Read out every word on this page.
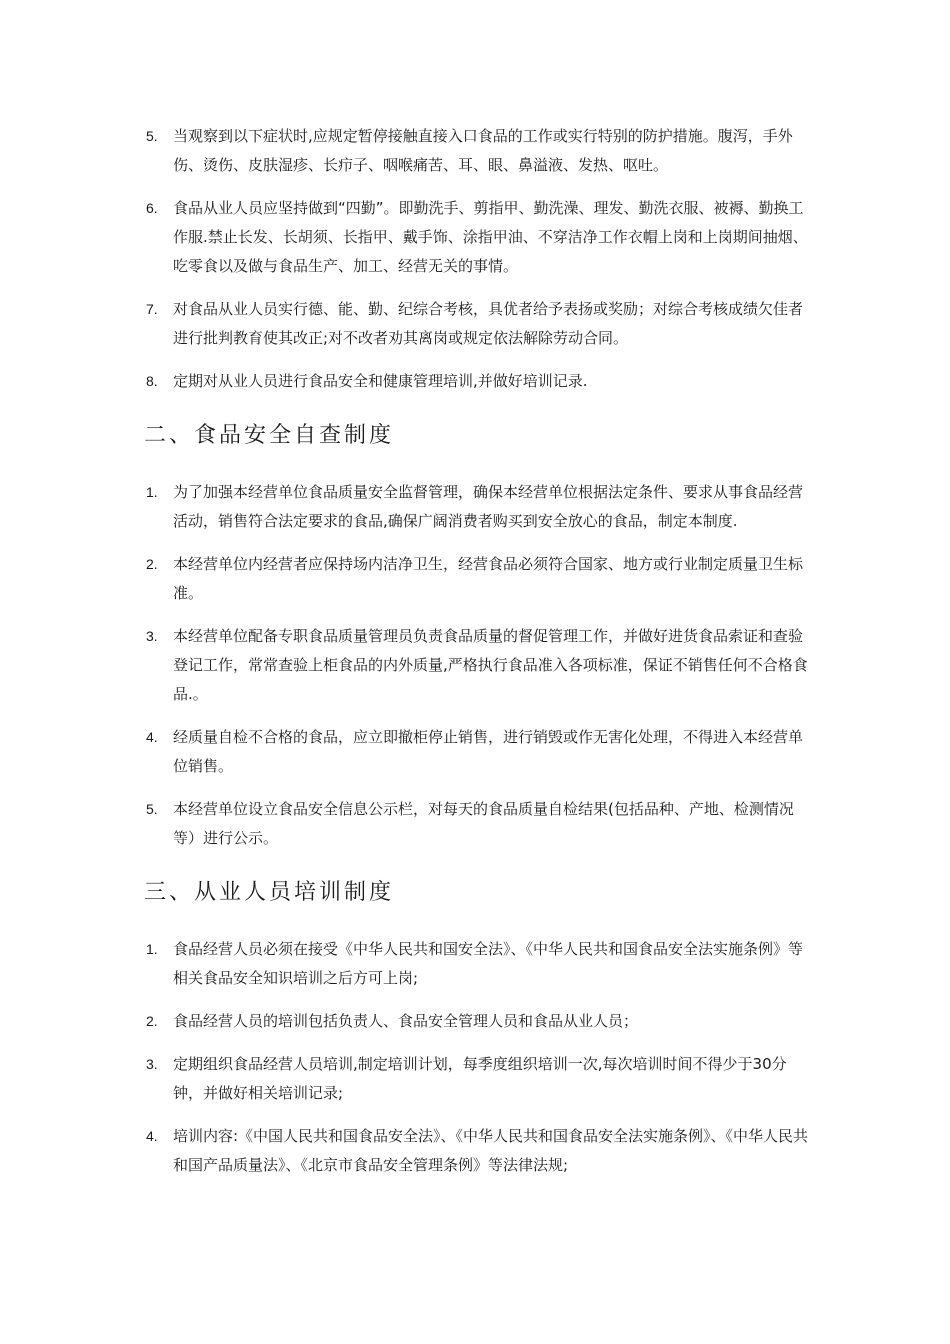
5. 当观察到以下症状时,应规定暂停接触直接入口食品的工作或实行特别的防护措施。腹泻，手外伤、烫伤、皮肤湿疹、长疖子、咽喉痛苦、耳、眼、鼻溢液、发热、呕吐。
6. 食品从业人员应坚持做到“四勤”。即勤洗手、剪指甲、勤洗澡、理发、勤洗衣服、被褥、勤换工作服.禁止长发、长胡须、长指甲、戴手饰、涂指甲油、不穿洁净工作衣帽上岗和上岗期间抽烟、吃零食以及做与食品生产、加工、经营无关的事情。
7. 对食品从业人员实行德、能、勤、纪综合考核，具优者给予表扬或奖励；对综合考核成绩欠佳者进行批判教育使其改正;对不改者劝其离岗或规定依法解除劳动合同。
8. 定期对从业人员进行食品安全和健康管理培训,并做好培训记录.
二、食品安全自查制度
1. 为了加强本经营单位食品质量安全监督管理，确保本经营单位根据法定条件、要求从事食品经营活动，销售符合法定要求的食品,确保广阔消费者购买到安全放心的食品，制定本制度.
2. 本经营单位内经营者应保持场内洁净卫生，经营食品必须符合国家、地方或行业制定质量卫生标准。
3. 本经营单位配备专职食品质量管理员负责食品质量的督促管理工作，并做好进货食品索证和查验登记工作，常常查验上柜食品的内外质量,严格执行食品准入各项标准，保证不销售任何不合格食品.。
4. 经质量自检不合格的食品，应立即撤柜停止销售，进行销毁或作无害化处理，不得进入本经营单位销售。
5. 本经营单位设立食品安全信息公示栏，对每天的食品质量自检结果(包括品种、产地、检测情况等）进行公示。
三、从业人员培训制度
1. 食品经营人员必须在接受《中华人民共和国安全法》、《中华人民共和国食品安全法实施条例》等相关食品安全知识培训之后方可上岗;
2. 食品经营人员的培训包括负责人、食品安全管理人员和食品从业人员；
3. 定期组织食品经营人员培训,制定培训计划，每季度组织培训一次,每次培训时间不得少于30分钟，并做好相关培训记录;
4. 培训内容:《中国人民共和国食品安全法》、《中华人民共和国食品安全法实施条例》、《中华人民共和国产品质量法》、《北京市食品安全管理条例》等法律法规;
